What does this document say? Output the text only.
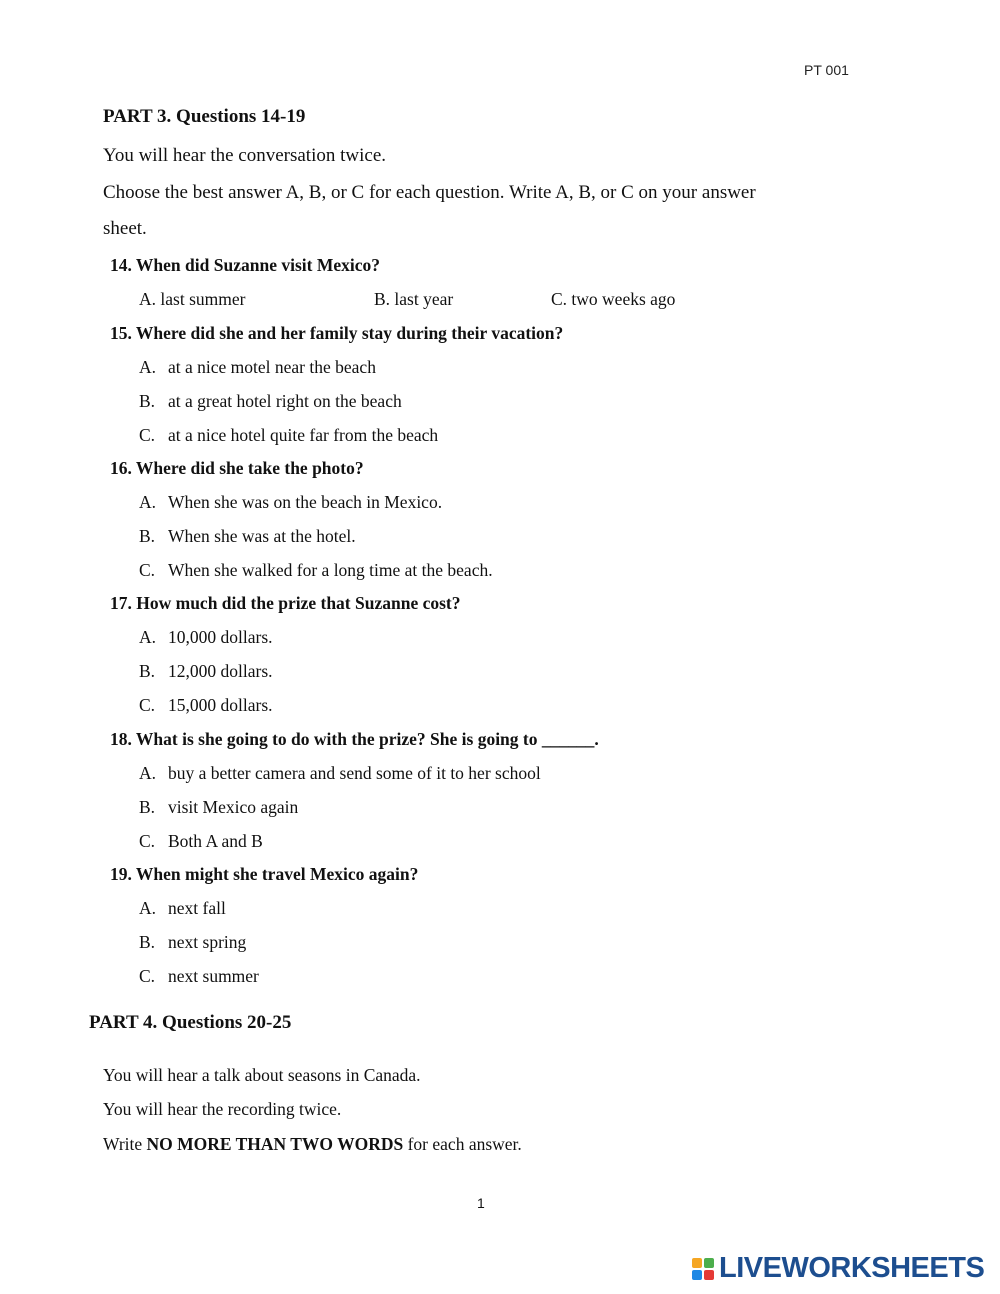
PT 001
PART 3. Questions 14-19
You will hear the conversation twice.
Choose the best answer A, B, or C for each question. Write A, B, or C on your answer
sheet.
14. When did Suzanne visit Mexico?
A. last summer	B. last year	C. two weeks ago
15. Where did she and her family stay during their vacation?
A. at a nice motel near the beach
B. at a great hotel right on the beach
C. at a nice hotel quite far from the beach
16. Where did she take the photo?
A. When she was on the beach in Mexico.
B. When she was at the hotel.
C. When she walked for a long time at the beach.
17. How much did the prize that Suzanne cost?
A. 10,000 dollars.
B. 12,000 dollars.
C. 15,000 dollars.
18. What is she going to do with the prize? She is going to ______.
A. buy a better camera and send some of it to her school
B. visit Mexico again
C. Both A and B
19. When might she travel Mexico again?
A. next fall
B. next spring
C. next summer
PART 4. Questions 20-25
You will hear a talk about seasons in Canada.
You will hear the recording twice.
Write NO MORE THAN TWO WORDS for each answer.
1
LIVEWORKSHEETS
